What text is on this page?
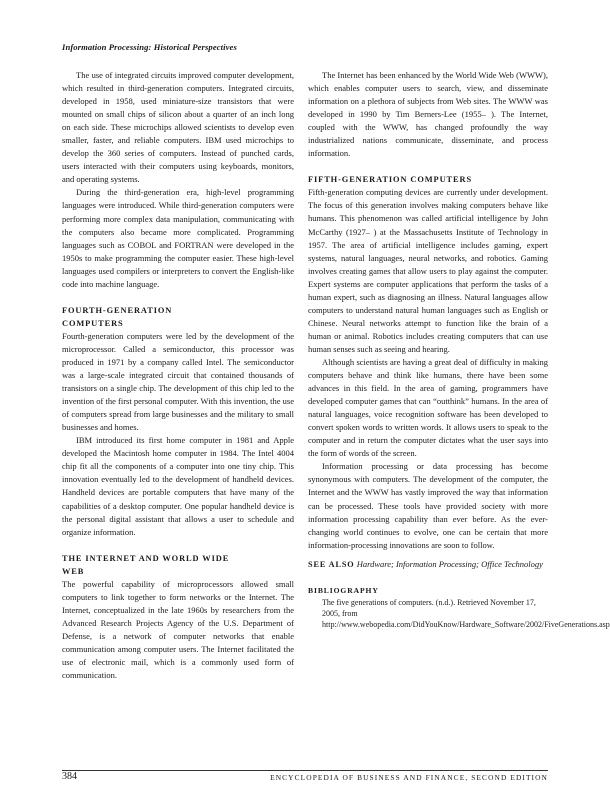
Information Processing: Historical Perspectives

The use of integrated circuits improved computer development, which resulted in third-generation computers. Integrated circuits, developed in 1958, used miniature-size transistors that were mounted on small chips of silicon about a quarter of an inch long on each side. These microchips allowed scientists to develop even smaller, faster, and reliable computers. IBM used microchips to develop the 360 series of computers. Instead of punched cards, users interacted with their computers using keyboards, monitors, and operating systems.

During the third-generation era, high-level programming languages were introduced. While third-generation computers were performing more complex data manipulation, communicating with the computers also became more complicated. Programming languages such as COBOL and FORTRAN were developed in the 1950s to make programming the computer easier. These high-level languages used compilers or interpreters to convert the English-like code into machine language.

FOURTH-GENERATION
COMPUTERS

Fourth-generation computers were led by the development of the microprocessor. Called a semiconductor, this processor was produced in 1971 by a company called Intel. The semiconductor was a large-scale integrated circuit that contained thousands of transistors on a single chip. The development of this chip led to the invention of the first personal computer. With this invention, the use of computers spread from large businesses and the military to small businesses and homes.

IBM introduced its first home computer in 1981 and Apple developed the Macintosh home computer in 1984. The Intel 4004 chip fit all the components of a computer into one tiny chip. This innovation eventually led to the development of handheld devices. Handheld devices are portable computers that have many of the capabilities of a desktop computer. One popular handheld device is the personal digital assistant that allows a user to schedule and organize information.

THE INTERNET AND WORLD WIDE
WEB

The powerful capability of microprocessors allowed small computers to link together to form networks or the Internet. The Internet, conceptualized in the late 1960s by researchers from the Advanced Research Projects Agency of the U.S. Department of Defense, is a network of computer networks that enable communication among computer users. The Internet facilitated the use of electronic mail, which is a commonly used form of communication.

The Internet has been enhanced by the World Wide Web (WWW), which enables computer users to search, view, and disseminate information on a plethora of subjects from Web sites. The WWW was developed in 1990 by Tim Berners-Lee (1955– ). The Internet, coupled with the WWW, has changed profoundly the way industrialized nations communicate, disseminate, and process information.

FIFTH-GENERATION COMPUTERS

Fifth-generation computing devices are currently under development. The focus of this generation involves making computers behave like humans. This phenomenon was called artificial intelligence by John McCarthy (1927– ) at the Massachusetts Institute of Technology in 1957. The area of artificial intelligence includes gaming, expert systems, natural languages, neural networks, and robotics. Gaming involves creating games that allow users to play against the computer. Expert systems are computer applications that perform the tasks of a human expert, such as diagnosing an illness. Natural languages allow computers to understand natural human languages such as English or Chinese. Neural networks attempt to function like the brain of a human or animal. Robotics includes creating computers that can use human senses such as seeing and hearing.

Although scientists are having a great deal of difficulty in making computers behave and think like humans, there have been some advances in this field. In the area of gaming, programmers have developed computer games that can “outthink” humans. In the area of natural languages, voice recognition software has been developed to convert spoken words to written words. It allows users to speak to the computer and in return the computer dictates what the user says into the form of words of the screen.

Information processing or data processing has become synonymous with computers. The development of the computer, the Internet and the WWW has vastly improved the way that information can be processed. These tools have provided society with more information processing capability than ever before. As the ever-changing world continues to evolve, one can be certain that more information-processing innovations are soon to follow.

SEE ALSO Hardware; Information Processing; Office Technology

BIBLIOGRAPHY

The five generations of computers. (n.d.). Retrieved November 17, 2005, from http://www.webopedia.com/DidYouKnow/Hardware_Software/2002/FiveGenerations.asp

384	ENCYCLOPEDIA OF BUSINESS AND FINANCE, SECOND EDITION
